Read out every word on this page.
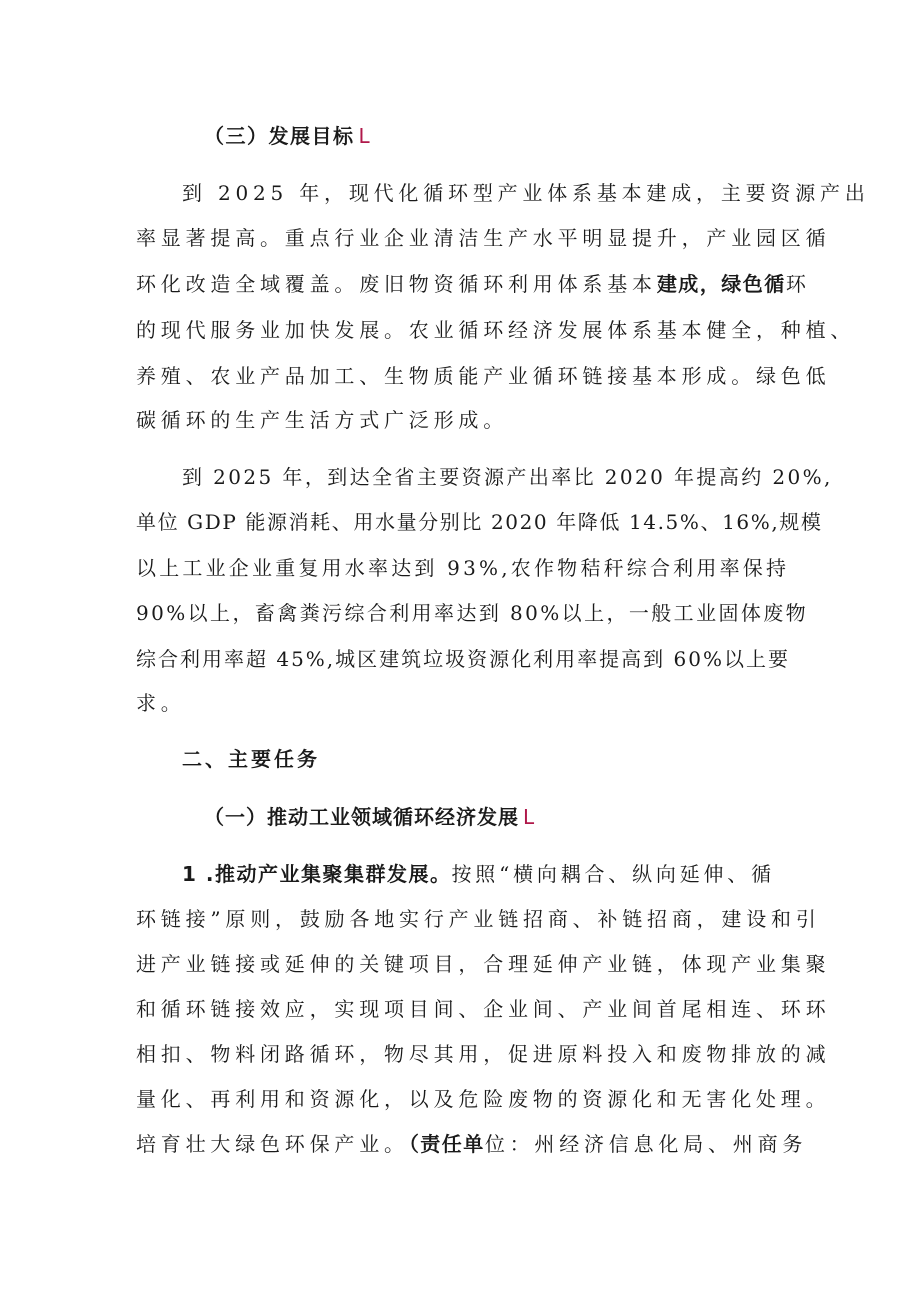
（三）发展目标 L
到 2025 年，现代化循环型产业体系基本建成，主要资源产出
率显著提高。重点行业企业清洁生产水平明显提升，产业园区循
环化改造全域覆盖。废旧物资循环利用体系基本建成，绿色循环
的现代服务业加快发展。农业循环经济发展体系基本健全，种植、
养殖、农业产品加工、生物质能产业循环链接基本形成。绿色低
碳循环的生产生活方式广泛形成。
到 2025 年，到达全省主要资源产出率比 2020 年提高约 20%,
单位 GDP 能源消耗、用水量分别比 2020 年降低 14.5%、16%,规模
以上工业企业重复用水率达到 93%,农作物秸秆综合利用率保持
90%以上，畜禽粪污综合利用率达到 80%以上，一般工业固体废物
综合利用率超 45%,城区建筑垃圾资源化利用率提高到 60%以上要
求。
二、主要任务
（一）推动工业领域循环经济发展 L
1 .推动产业集聚集群发展。按照“横向耦合、纵向延伸、循
环链接”原则，鼓励各地实行产业链招商、补链招商，建设和引
进产业链接或延伸的关键项目，合理延伸产业链，体现产业集聚
和循环链接效应，实现项目间、企业间、产业间首尾相连、环环
相扣、物料闭路循环，物尽其用，促进原料投入和废物排放的减
量化、再利用和资源化，以及危险废物的资源化和无害化处理。
培育壮大绿色环保产业。（责任单位：州经济信息化局、州商务
